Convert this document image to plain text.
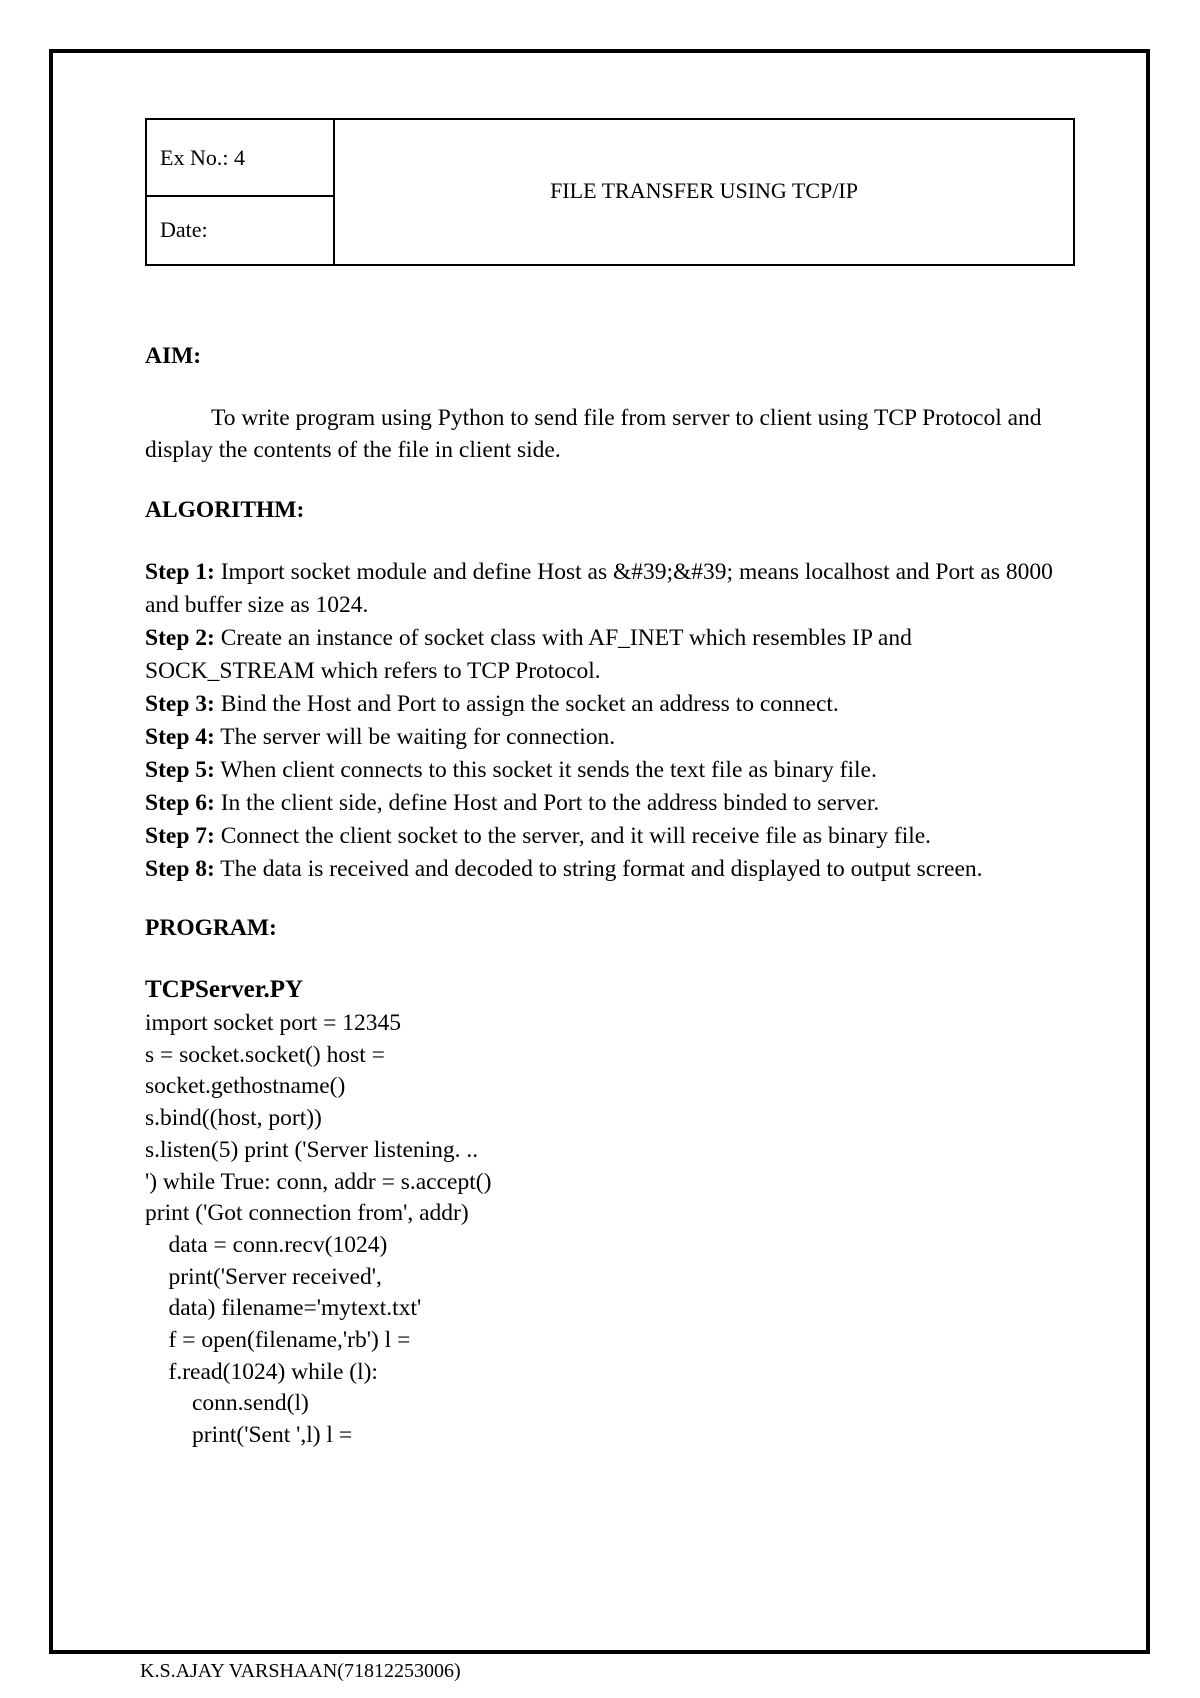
Ex No.: 4
Date:
FILE TRANSFER USING TCP/IP

AIM:

To write program using Python to send file from server to client using TCP Protocol and display the contents of the file in client side.

ALGORITHM:

Step 1: Import socket module and define Host as &#39;&#39; means localhost and Port as 8000 and buffer size as 1024.

Step 2: Create an instance of socket class with AF_INET which resembles IP and SOCK_STREAM which refers to TCP Protocol.

Step 3: Bind the Host and Port to assign the socket an address to connect.

Step 4: The server will be waiting for connection.

Step 5: When client connects to this socket it sends the text file as binary file.

Step 6: In the client side, define Host and Port to the address binded to server.

Step 7: Connect the client socket to the server, and it will receive file as binary file.

Step 8: The data is received and decoded to string format and displayed to output screen.

PROGRAM:

TCPServer.PY

import socket port = 12345
s = socket.socket() host =
socket.gethostname()
s.bind((host, port))
s.listen(5) print ('Server listening. ..
') while True: conn, addr = s.accept()
print ('Got connection from', addr)
data = conn.recv(1024)
print('Server received',
data) filename='mytext.txt'
f = open(filename,'rb') l =
f.read(1024) while (l):
conn.send(l)
print('Sent ',l) l =
K.S.AJAY VARSHAAN(71812253006)
